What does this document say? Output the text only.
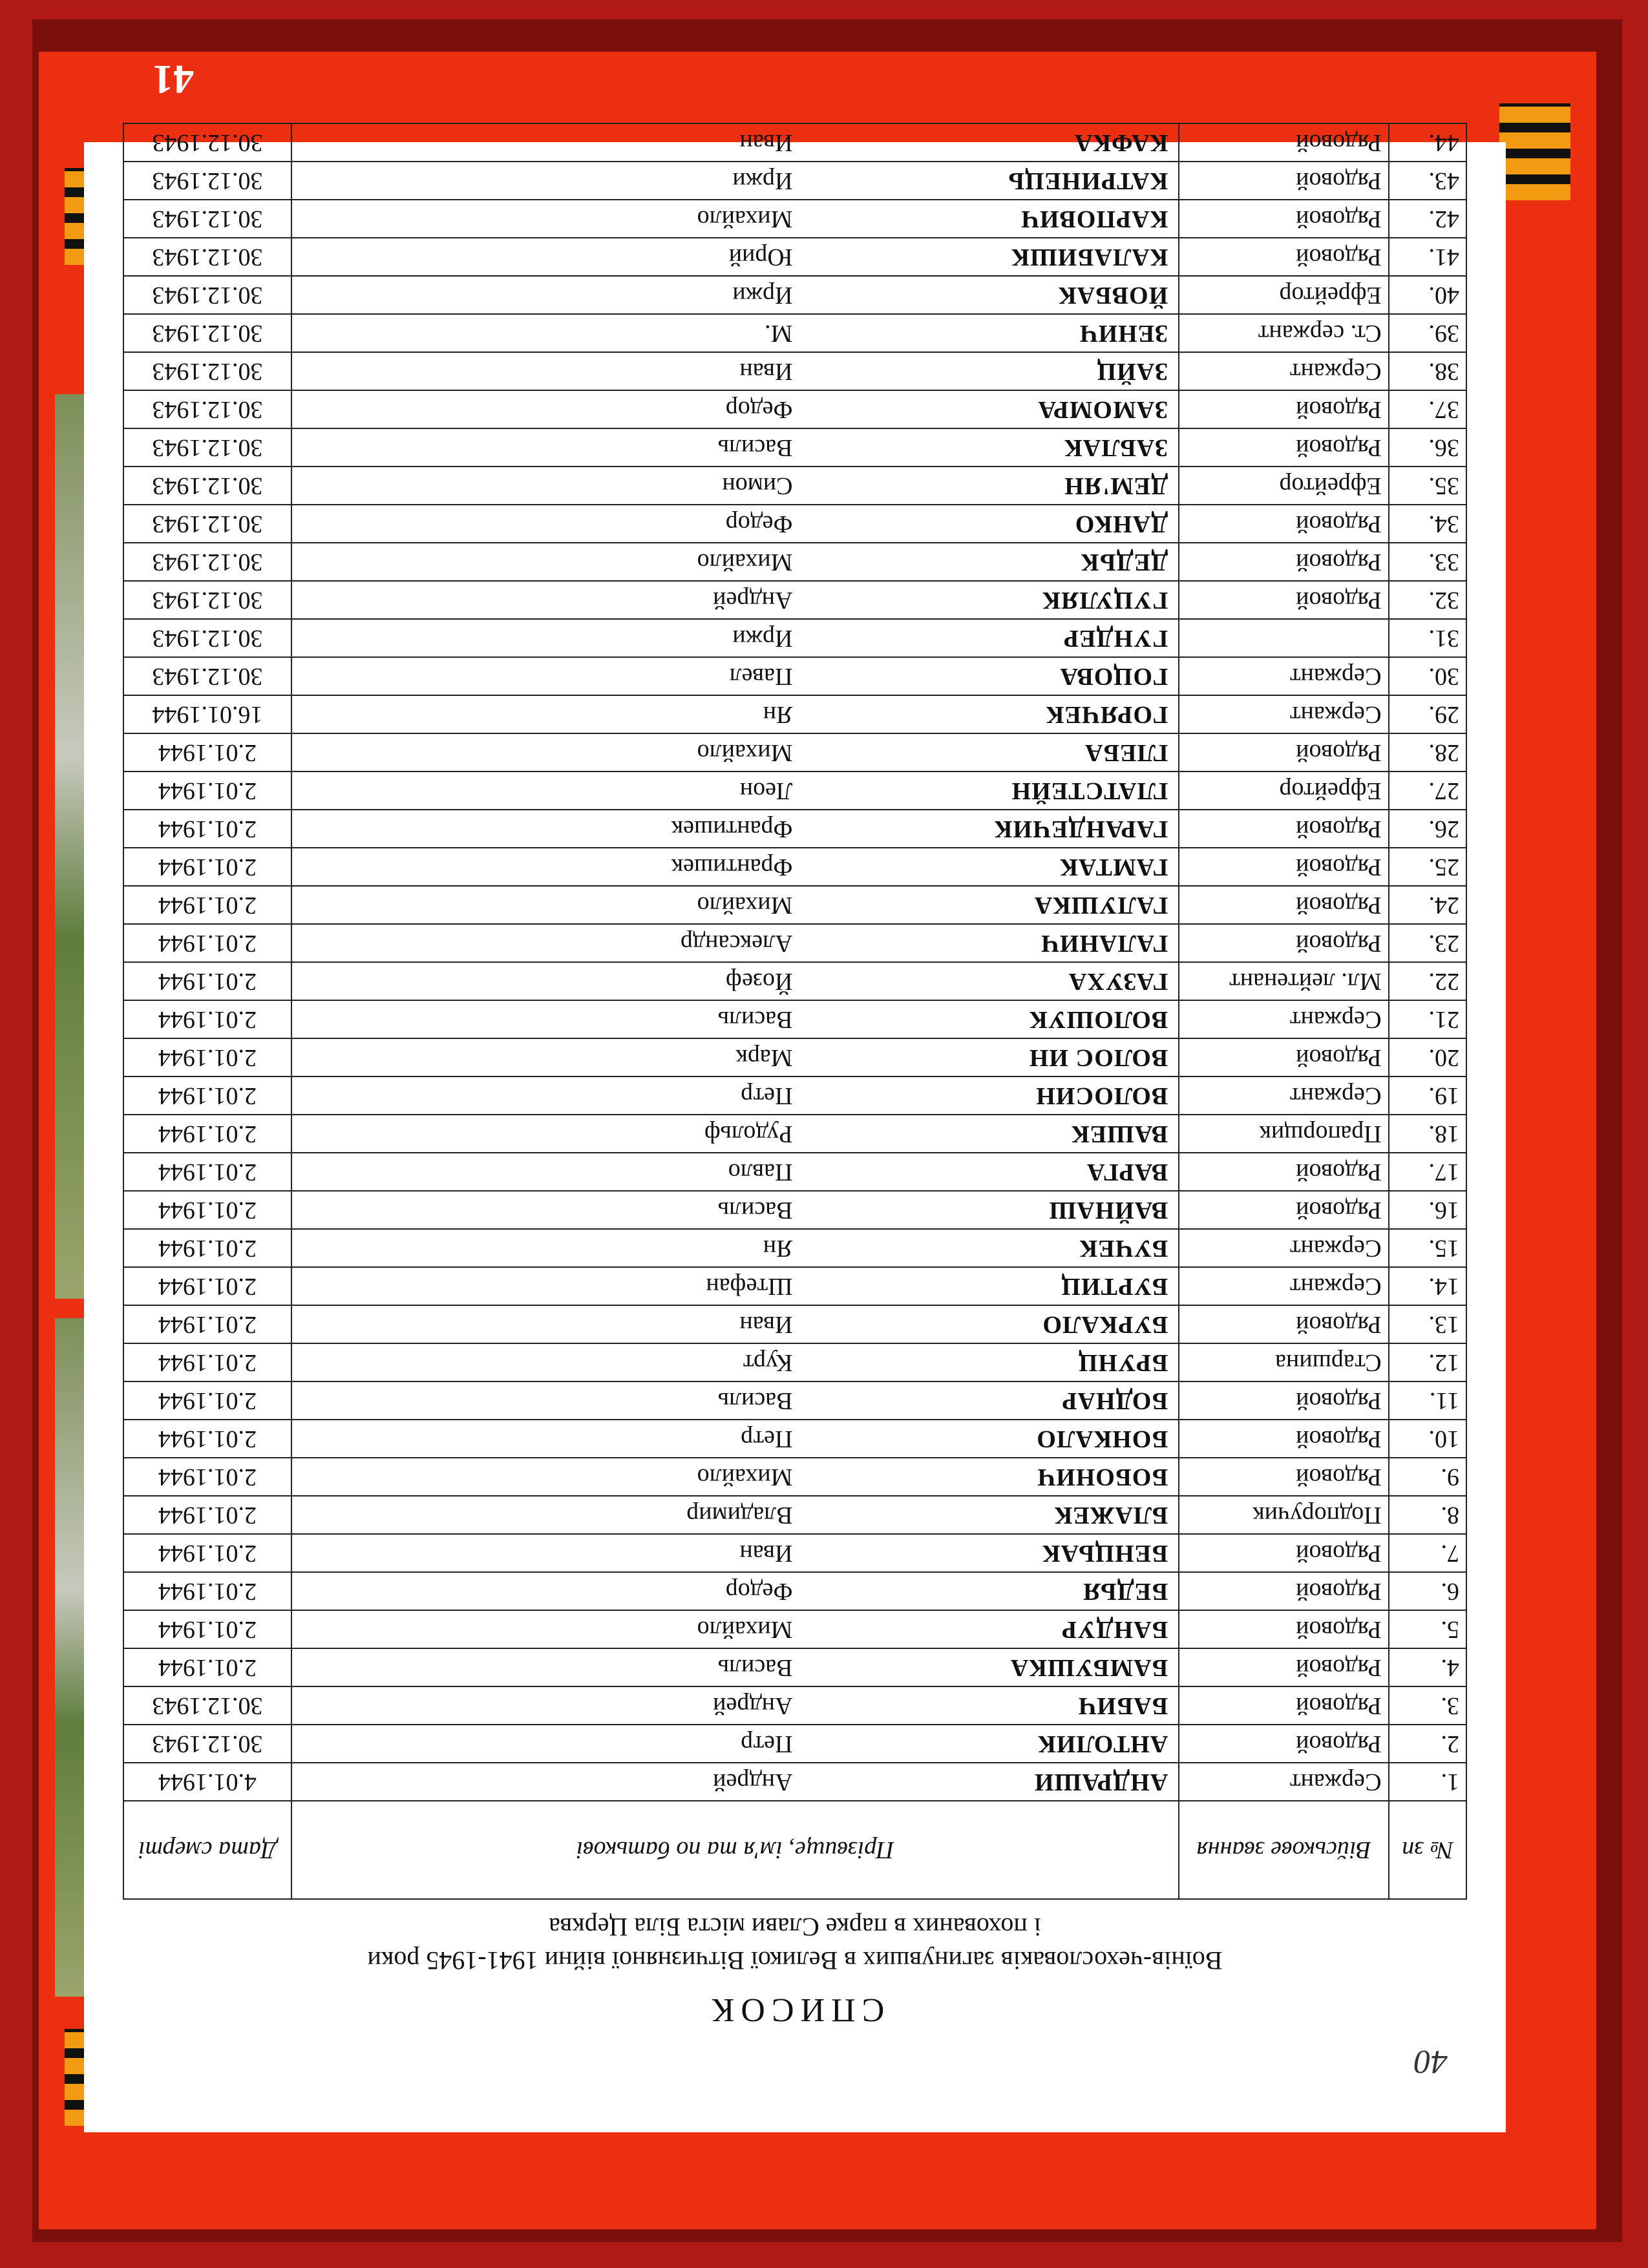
41
40
СПИСОК
Воїнів-чехословаків загинувших в Великої Вітчизняної війни 1941-1945 роки
і похованих в парке Слави міста Біла Церква
№ зп	Військове звання	Прізвище, ім'я та по батькові		Дата смерті
1.	Сержант	АНДРАШИ	Андрей	4.01.1944
2.	Рядовой	АНТОЛИК	Петр	30.12.1943
3.	Рядовой	БАБИЧ	Андрей	30.12.1943
4.	Рядовой	БАМБУШКА	Василь	2.01.1944
5.	Рядовой	БАНДУР	Михайло	2.01.1944
6.	Рядовой	БЕДЬЯ	Федор	2.01.1944
7.	Рядовой	БЕНЦЬАК	Иван	2.01.1944
8.	Подпоручик	БЛАЖЕК	Владимир	2.01.1944
9.	Рядовой	БОБОНИЧ	Михайло	2.01.1944
10.	Рядовой	БОНКАЛО	Петр	2.01.1944
11.	Рядовой	БОДНАР	Василь	2.01.1944
12.	Старшина	БРУНЦ	Курт	2.01.1944
13.	Рядовой	БУРКАЛО	Иван	2.01.1944
14.	Сержант	БУРТИЦ	Штефан	2.01.1944
15.	Сержант	БУЧЕК	Ян	2.01.1944
16.	Рядовой	ВАЙНАШ	Василь	2.01.1944
17.	Рядовой	ВАРГА	Павло	2.01.1944
18.	Прапорщик	ВАШЕК	Рудольф	2.01.1944
19.	Сержант	ВОЛОСИН	Петр	2.01.1944
20.	Рядовой	ВОЛОС ИН	Марк	2.01.1944
21.	Сержант	ВОЛОШУК	Василь	2.01.1944
22.	Мл. лейтенант	ГАЗУХА	Йозеф	2.01.1944
23.	Рядовой	ГАЛАНИЧ	Александр	2.01.1944
24.	Рядовой	ГАЛУШКА	Михайло	2.01.1944
25.	Рядовой	ГАМТАК	Франтишек	2.01.1944
26.	Рядовой	ГАРАНДЕЧИК	Франтишек	2.01.1944
27.	Ефрейтор	ГЛАТСТЕЙН	Леон	2.01.1944
28.	Рядовой	ГЛЕБА	Михайло	2.01.1944
29.	Сержант	ГОРЯЧЕК	Ян	16.01.1944
30.	Сержант	ГОЦОВА	Павел	30.12.1943
31.		ГУНДЕР	Иржи	30.12.1943
32.	Рядовой	ГУЦУЛЯК	Андрей	30.12.1943
33.	Рядовой	ДЕДЬК	Михайло	30.12.1943
34.	Рядовой	ДАНКО	Федор	30.12.1943
35.	Ефрейтор	ДЕМ'ЯН	Симон	30.12.1943
36.	Рядовой	ЗАБЛАК	Василь	30.12.1943
37.	Рядовой	ЗАМОМРА	Федор	30.12.1943
38.	Сержант	ЗАЙЦ	Иван	30.12.1943
39.	Ст. сержант	ЗЕНИЧ	М.	30.12.1943
40.	Ефрейтор	ЙОВБАК	Иржи	30.12.1943
41.	Рядовой	КАЛАБИШК	Юрий	30.12.1943
42.	Рядовой	КАРПОВИЧ	Михайло	30.12.1943
43.	Рядовой	КАТРИНЕЦЬ	Иржи	30.12.1943
44.	Рядовой	КАФКА	Иван	30.12.1943
